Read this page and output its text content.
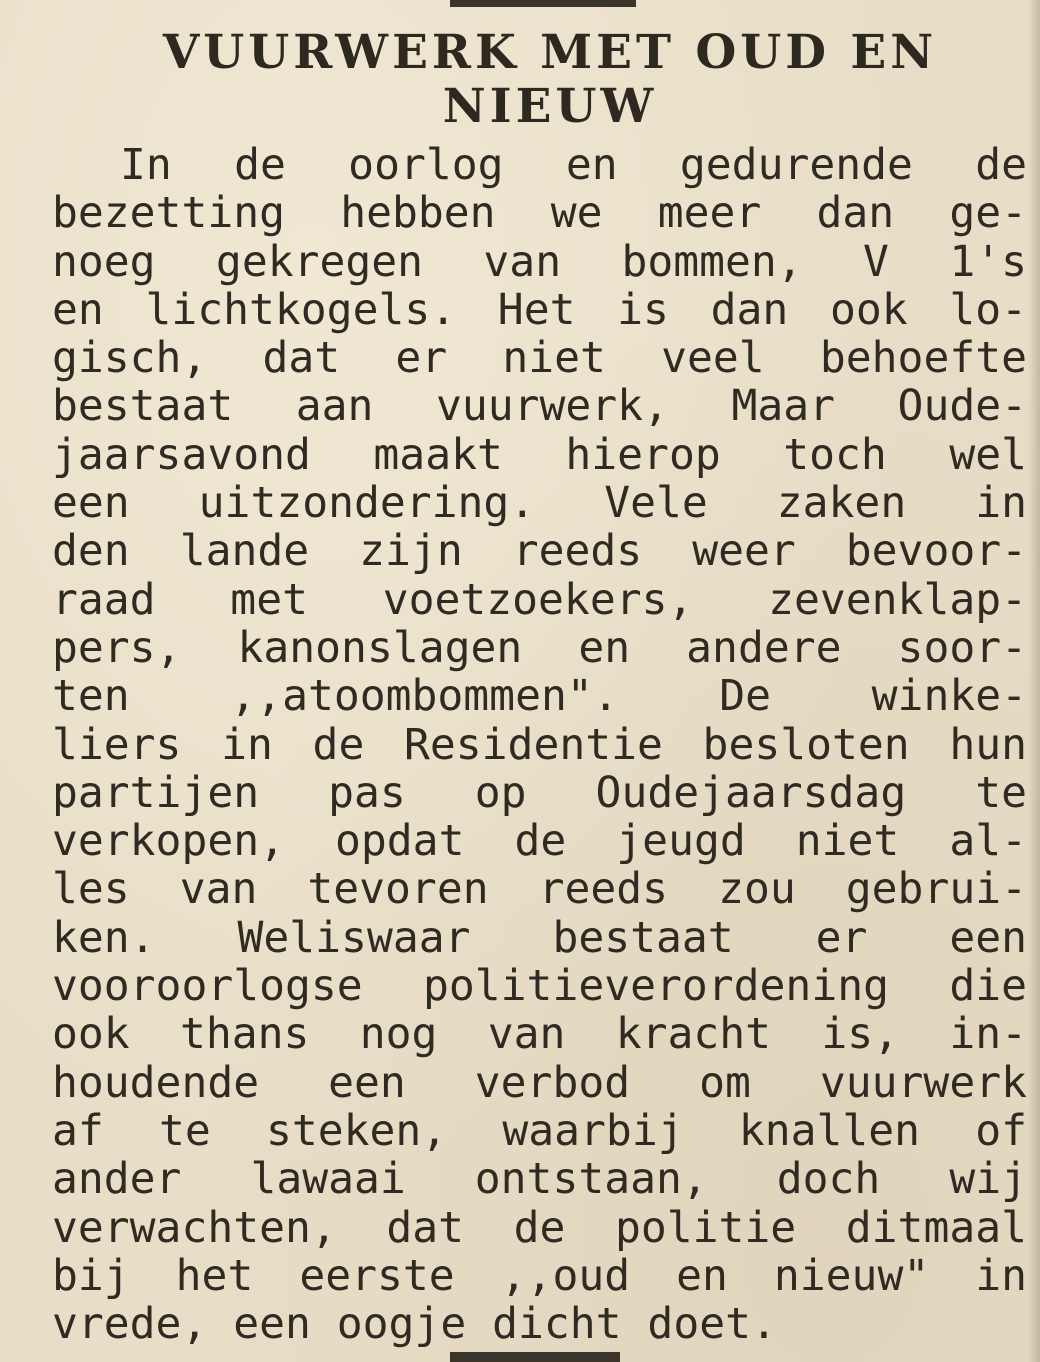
VUURWERK MET OUD EN
NIEUW
In de oorlog en gedurende de
bezetting hebben we meer dan ge-
noeg gekregen van bommen, V 1's
en lichtkogels. Het is dan ook lo-
gisch, dat er niet veel behoefte
bestaat aan vuurwerk, Maar Oude-
jaarsavond maakt hierop toch wel
een uitzondering. Vele zaken in
den lande zijn reeds weer bevoor-
raad met voetzoekers, zevenklap-
pers, kanonslagen en andere soor-
ten ,,atoombommen". De winke-
liers in de Residentie besloten hun
partijen pas op Oudejaarsdag te
verkopen, opdat de jeugd niet al-
les van tevoren reeds zou gebrui-
ken. Weliswaar bestaat er een
vooroorlogse politieverordening die
ook thans nog van kracht is, in-
houdende een verbod om vuurwerk
af te steken, waarbij knallen of
ander lawaai ontstaan, doch wij
verwachten, dat de politie ditmaal
bij het eerste ,,oud en nieuw" in
vrede, een oogje dicht doet.
